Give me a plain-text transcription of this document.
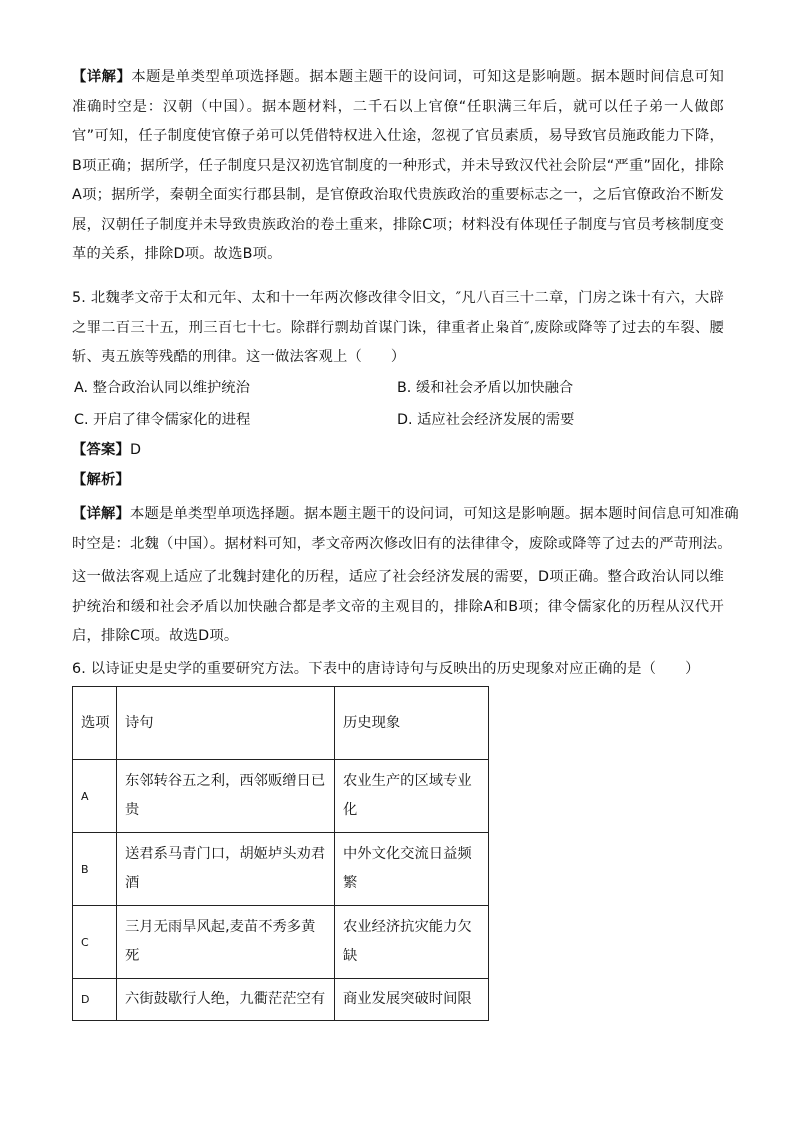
【详解】本题是单类型单项选择题。据本题主题干的设问词，可知这是影响题。据本题时间信息可知准确时空是：汉朝（中国）。据本题材料，二千石以上官僚“任职满三年后，就可以任子弟一人做郎官”可知，任子制度使官僚子弟可以凭借特权进入仕途，忽视了官员素质，易导致官员施政能力下降，B项正确；据所学，任子制度只是汉初选官制度的一种形式，并未导致汉代社会阶层“严重”固化，排除A项；据所学，秦朝全面实行郡县制，是官僚政治取代贵族政治的重要标志之一，之后官僚政治不断发展，汉朝任子制度并未导致贵族政治的卷土重来，排除C项；材料没有体现任子制度与官员考核制度变革的关系，排除D项。故选B项。

5. 北魏孝文帝于太和元年、太和十一年两次修改律令旧文，″凡八百三十二章，门房之诛十有六，大辟之罪二百三十五，刑三百七十七。除群行剽劫首谋门诛，律重者止枭首″,废除或降等了过去的车裂、腰斩、夷五族等残酷的刑律。这一做法客观上（　　）

A. 整合政治认同以维护统治	B. 缓和社会矛盾以加快融合
C. 开启了律令儒家化的进程	D. 适应社会经济发展的需要
【答案】D
【解析】
【详解】本题是单类型单项选择题。据本题主题干的设问词，可知这是影响题。据本题时间信息可知准确
时空是：北魏（中国）。据材料可知，孝文帝两次修改旧有的法律律令，废除或降等了过去的严苛刑法。

这一做法客观上适应了北魏封建化的历程，适应了社会经济发展的需要，D项正确。整合政治认同以维护统治和缓和社会矛盾以加快融合都是孝文帝的主观目的，排除A和B项；律令儒家化的历程从汉代开启，排除C项。故选D项。

6. 以诗证史是史学的重要研究方法。下表中的唐诗诗句与反映出的历史现象对应正确的是（　　）
选项	诗句	历史现象
A	东邻转谷五之利，西邻贩缯日已贵	农业生产的区域专业化
B	送君系马青门口，胡姬垆头劝君酒	中外文化交流日益频繁
C	三月无雨旱风起,麦苗不秀多黄死	农业经济抗灾能力欠缺
D	六街鼓歇行人绝，九衢茫茫空有	商业发展突破时间限
